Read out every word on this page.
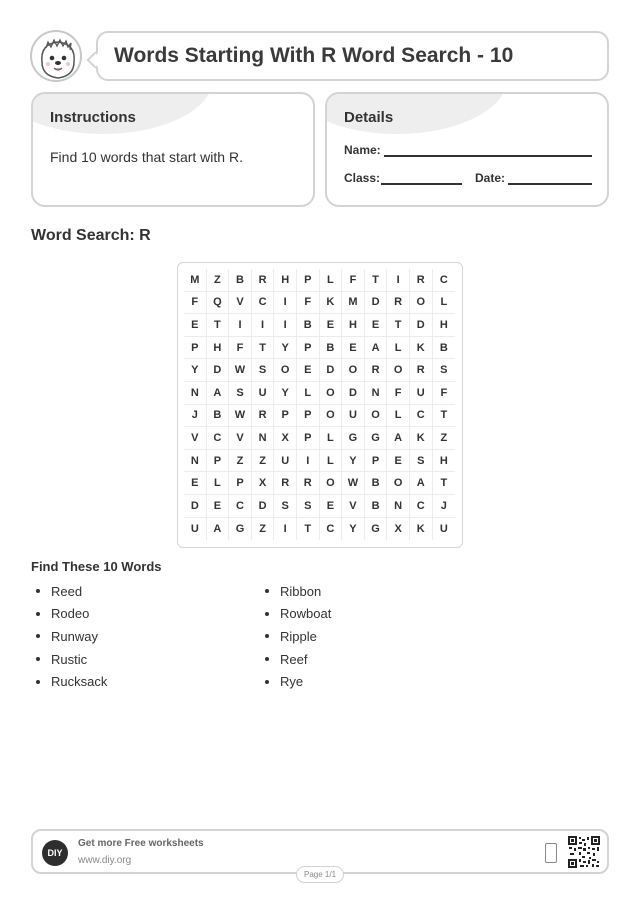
Words Starting With R Word Search - 10
Instructions
Find 10 words that start with R.
Details
Name:
Class:	Date:
Word Search: R
M	Z	B	R	H	P	L	F	T	I	R	C
F	Q	V	C	I	F	K	M	D	R	O	L
E	T	I	I	I	B	E	H	E	T	D	H
P	H	F	T	Y	P	B	E	A	L	K	B
Y	D	W	S	O	E	D	O	R	O	R	S
N	A	S	U	Y	L	O	D	N	F	U	F
J	B	W	R	P	P	O	U	O	L	C	T
V	C	V	N	X	P	L	G	G	A	K	Z
N	P	Z	Z	U	I	L	Y	P	E	S	H
E	L	P	X	R	R	O	W	B	O	A	T
D	E	C	D	S	S	E	V	B	N	C	J
U	A	G	Z	I	T	C	Y	G	X	K	U
Find These 10 Words
Reed
Rodeo
Runway
Rustic
Rucksack
Ribbon
Rowboat
Ripple
Reef
Rye
DIY
Get more Free worksheets
www.diy.org
Page 1/1
